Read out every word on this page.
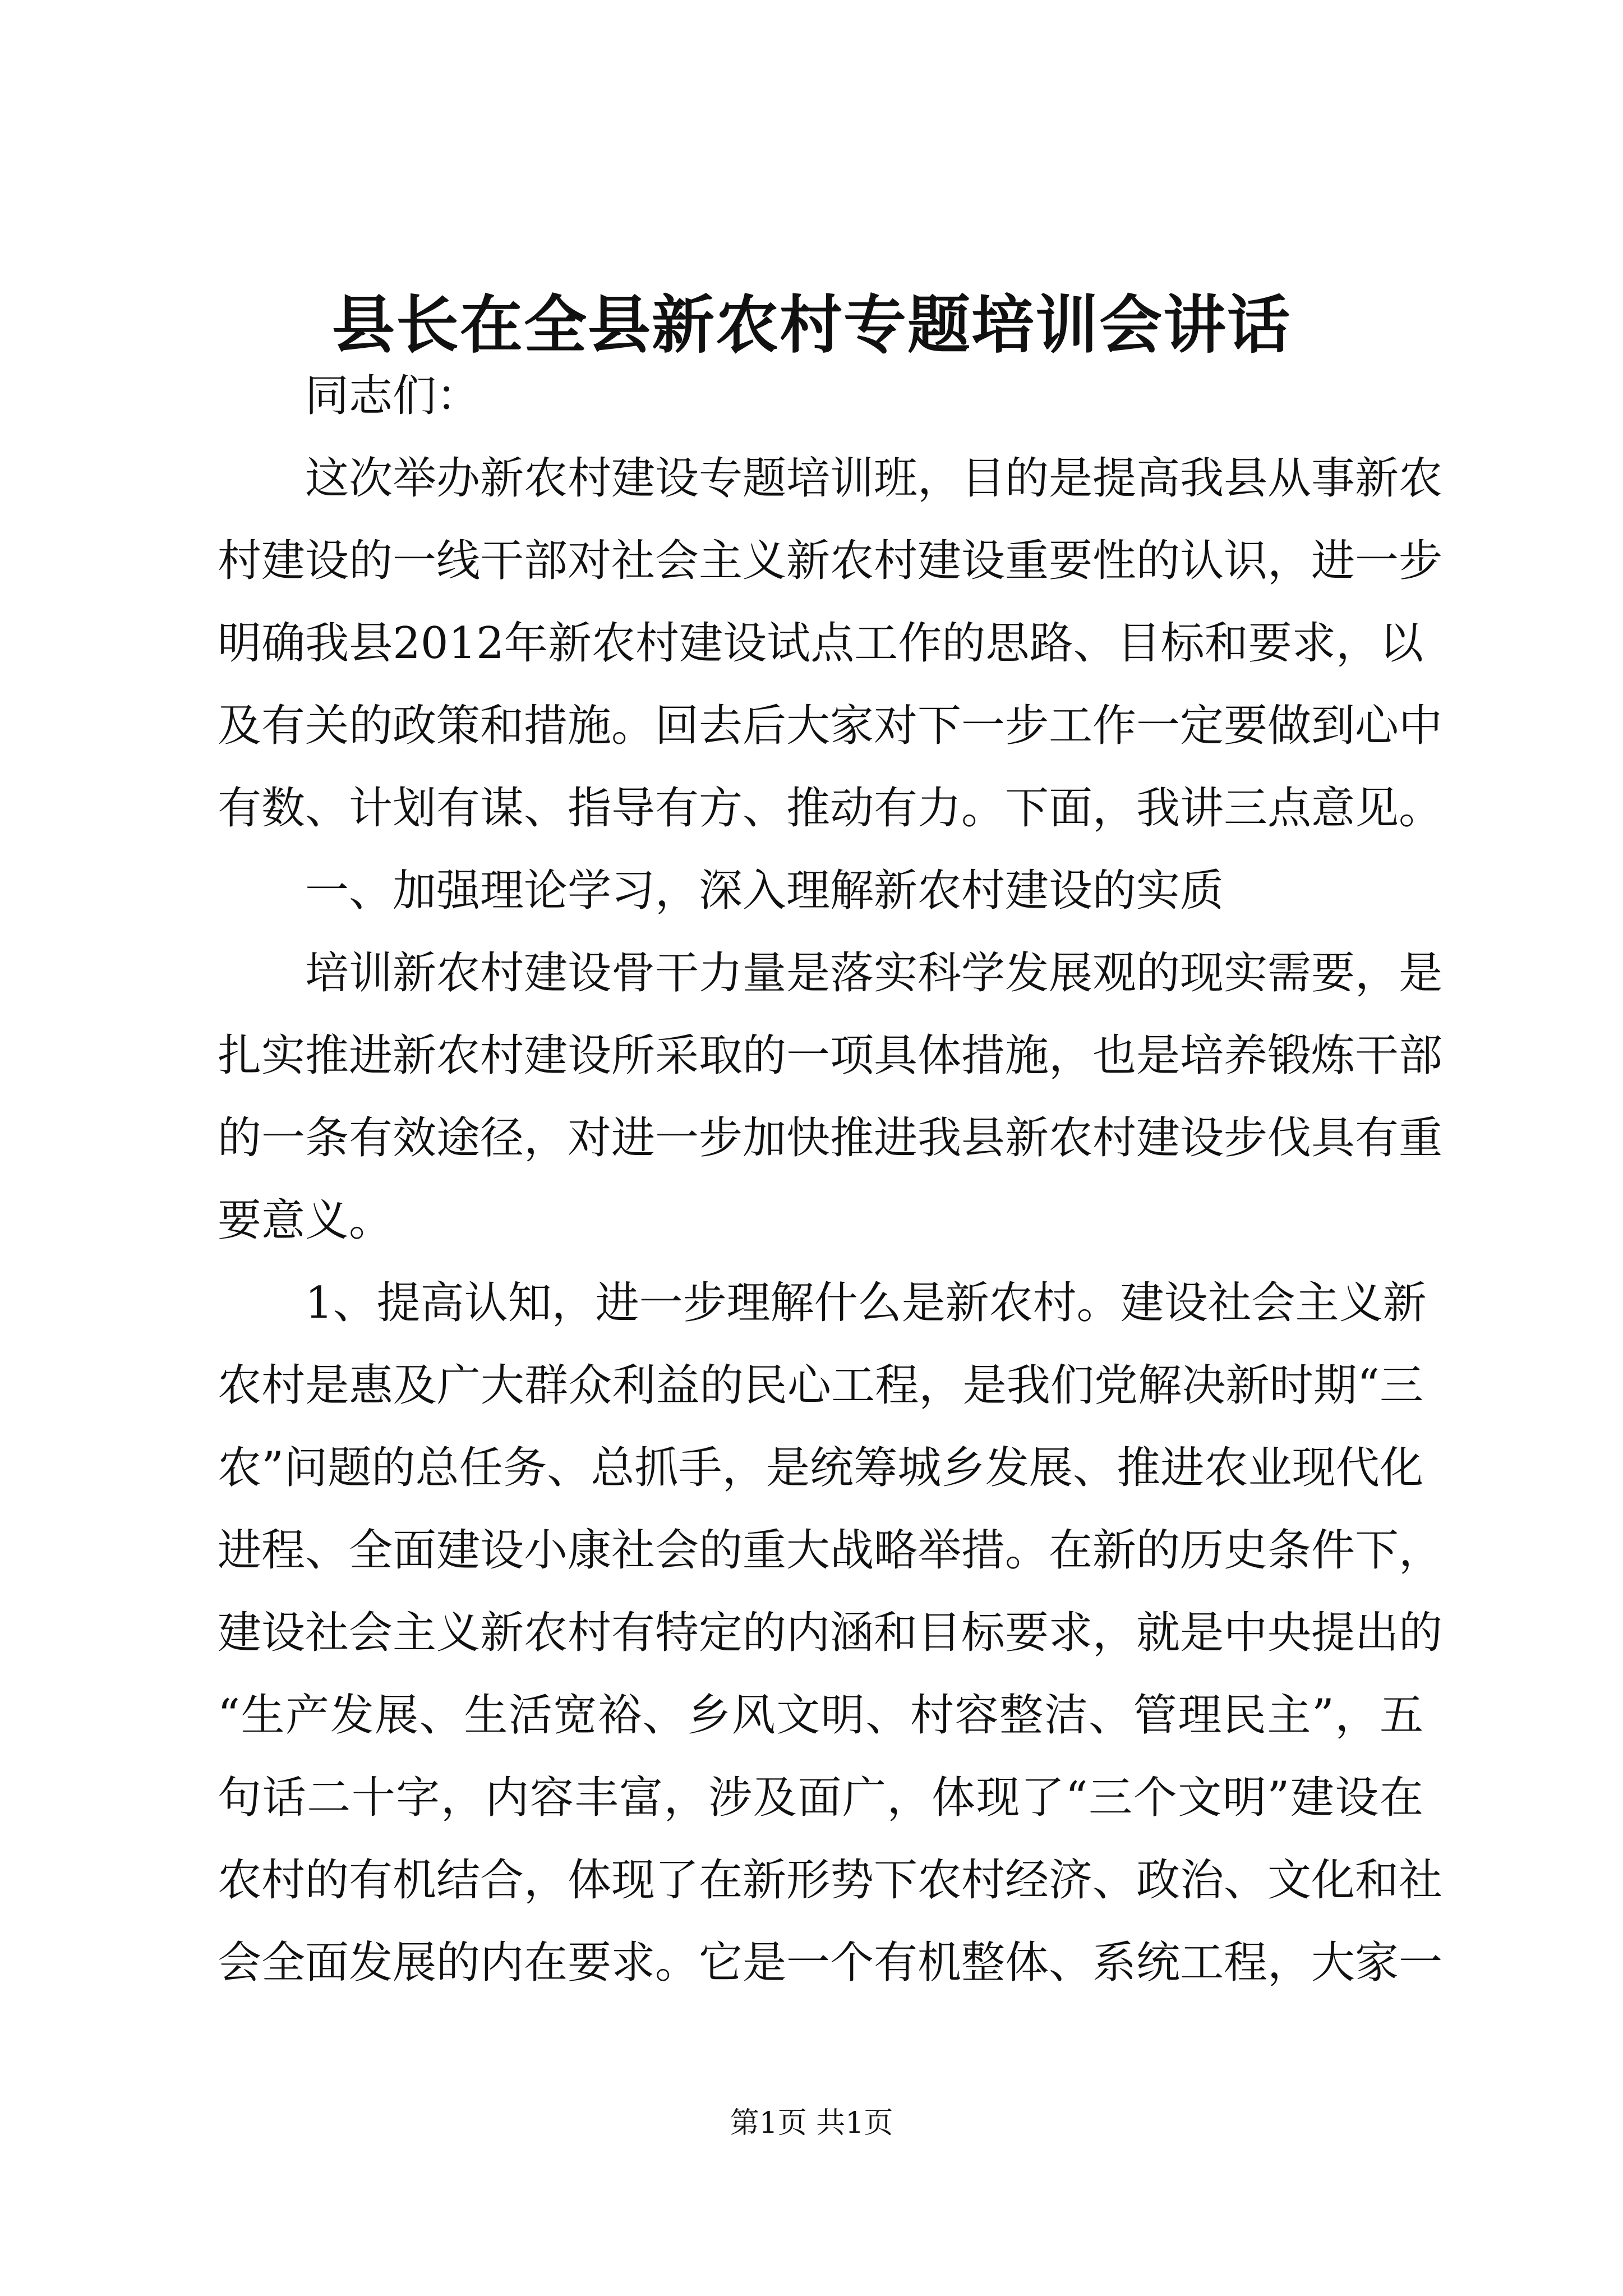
县长在全县新农村专题培训会讲话
同志们：
这次举办新农村建设专题培训班，目的是提高我县从事新农
村建设的一线干部对社会主义新农村建设重要性的认识，进一步
明确我县2012年新农村建设试点工作的思路、目标和要求，以
及有关的政策和措施。回去后大家对下一步工作一定要做到心中
有数、计划有谋、指导有方、推动有力。下面，我讲三点意见。
一、加强理论学习，深入理解新农村建设的实质
培训新农村建设骨干力量是落实科学发展观的现实需要，是
扎实推进新农村建设所采取的一项具体措施，也是培养锻炼干部
的一条有效途径，对进一步加快推进我县新农村建设步伐具有重
要意义。
1、提高认知，进一步理解什么是新农村。建设社会主义新
农村是惠及广大群众利益的民心工程，是我们党解决新时期“三
农”问题的总任务、总抓手，是统筹城乡发展、推进农业现代化
进程、全面建设小康社会的重大战略举措。在新的历史条件下，
建设社会主义新农村有特定的内涵和目标要求，就是中央提出的
“生产发展、生活宽裕、乡风文明、村容整洁、管理民主”，五
句话二十字，内容丰富，涉及面广，体现了“三个文明”建设在
农村的有机结合，体现了在新形势下农村经济、政治、文化和社
会全面发展的内在要求。它是一个有机整体、系统工程，大家一
第1页 共1页
